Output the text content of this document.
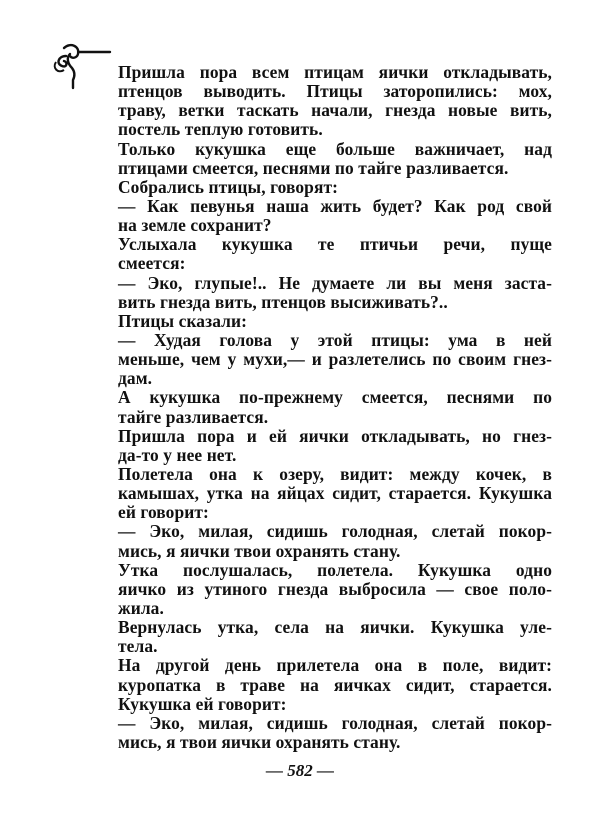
Пришла пора всем птицам яички откладывать,
птенцов выводить. Птицы заторопились: мох,
траву, ветки таскать начали, гнезда новые вить,
постель теплую готовить.
Только кукушка еще больше важничает, над
птицами смеется, песнями по тайге разливается.
Собрались птицы, говорят:
— Как певунья наша жить будет? Как род свой
на земле сохранит?
Услыхала кукушка те птичьи речи, пуще
смеется:
— Эко, глупые!.. Не думаете ли вы меня заста-
вить гнезда вить, птенцов высиживать?..
Птицы сказали:
— Худая голова у этой птицы: ума в ней
меньше, чем у мухи,— и разлетелись по своим гнез-
дам.
А кукушка по-прежнему смеется, песнями по
тайге разливается.
Пришла пора и ей яички откладывать, но гнез-
да-то у нее нет.
Полетела она к озеру, видит: между кочек, в
камышах, утка на яйцах сидит, старается. Кукушка
ей говорит:
— Эко, милая, сидишь голодная, слетай покор-
мись, я яички твои охранять стану.
Утка послушалась, полетела. Кукушка одно
яичко из утиного гнезда выбросила — свое поло-
жила.
Вернулась утка, села на яички. Кукушка уле-
тела.
На другой день прилетела она в поле, видит:
куропатка в траве на яичках сидит, старается.
Кукушка ей говорит:
— Эко, милая, сидишь голодная, слетай покор-
мись, я твои яички охранять стану.
— 582 —
